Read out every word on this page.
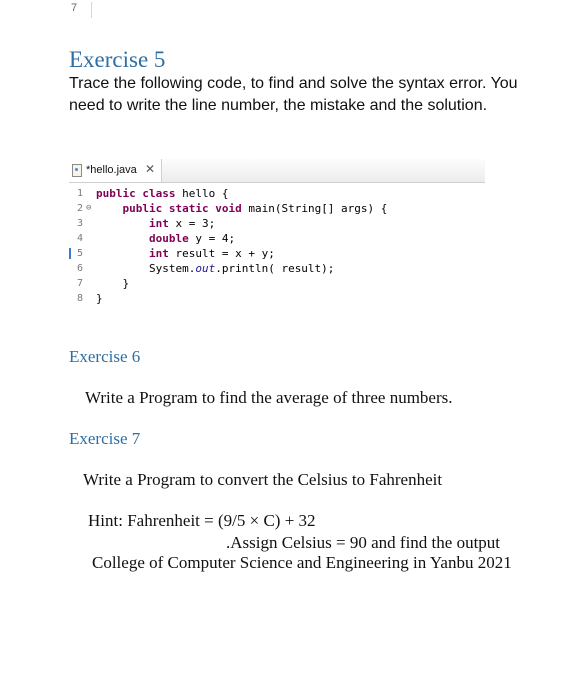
7
Exercise 5
Trace the following code, to find and solve the syntax error. You need to write the line number, the mistake and the solution.
*hello.java ✕
1	public class hello {
2 ⊖	public static void main(String[] args) {
3	int x = 3;
4	double y = 4;
5	int result = x + y;
6	System.out.println( result);
7	}
8	}
Exercise 6
Write a Program to find the average of three numbers.
Exercise 7
Write a Program to convert the Celsius to Fahrenheit
Hint: Fahrenheit = (9/5 × C) + 32
.Assign Celsius = 90 and find the output
College of Computer Science and Engineering in Yanbu 2021
